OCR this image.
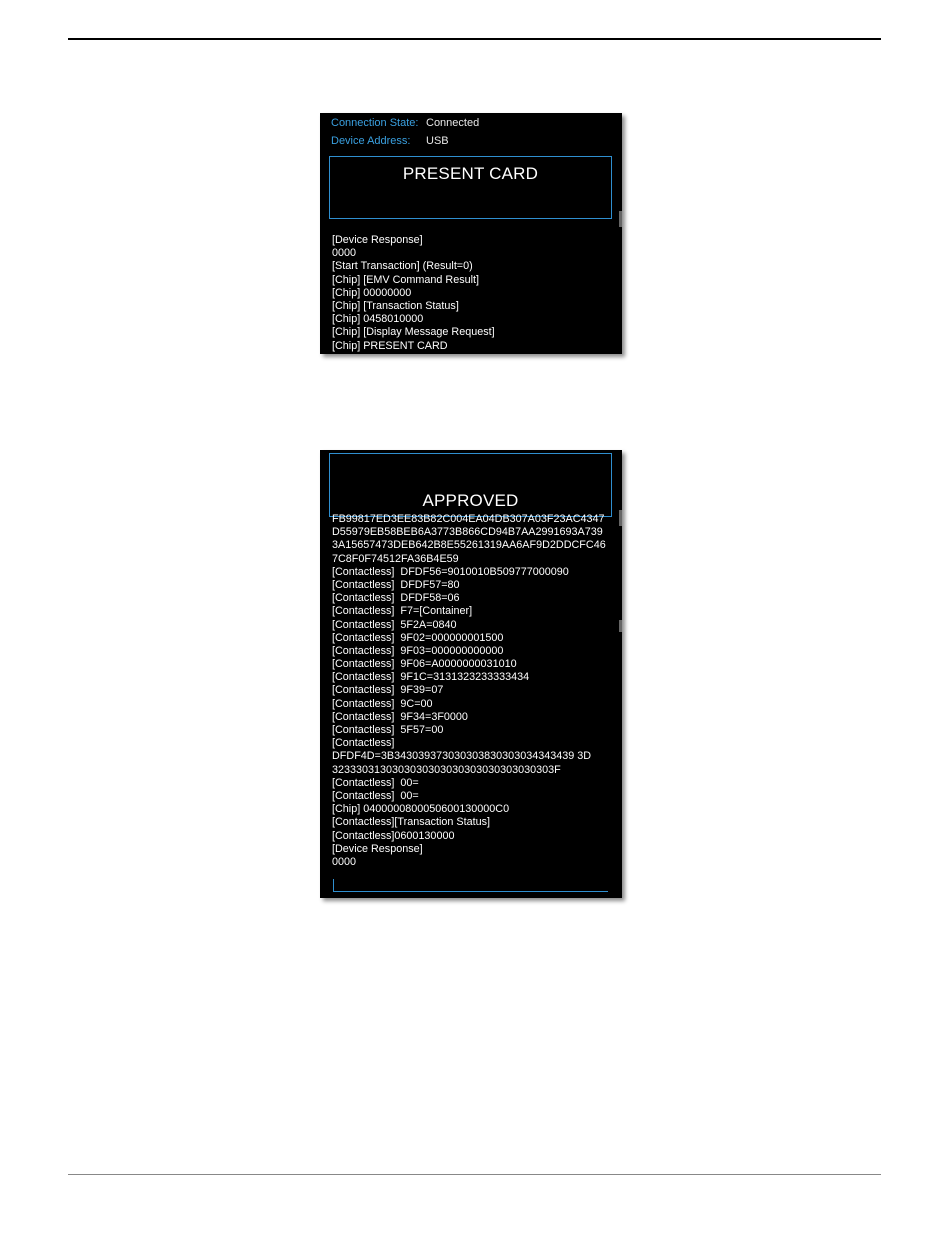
Connection State: Connected
Device Address: USB
PRESENT CARD
[Device Response]
0000
[Start Transaction] (Result=0)
[Chip] [EMV Command Result]
[Chip] 00000000
[Chip] [Transaction Status]
[Chip] 0458010000
[Chip] [Display Message Request]
[Chip] PRESENT CARD
APPROVED
FB99817ED3EE83B82C004EA04DB307A03F23AC4347
D55979EB58BEB6A3773B866CD94B7AA2991693A739
3A15657473DEB642B8E55261319AA6AF9D2DDCFC46
7C8F0F74512FA36B4E59
[Contactless]  DFDF56=9010010B509777000090
[Contactless]  DFDF57=80
[Contactless]  DFDF58=06
[Contactless]  F7=[Container]
[Contactless]  5F2A=0840
[Contactless]  9F02=000000001500
[Contactless]  9F03=000000000000
[Contactless]  9F06=A0000000031010
[Contactless]  9F1C=3131323233333434
[Contactless]  9F39=07
[Contactless]  9C=00
[Contactless]  9F34=3F0000
[Contactless]  5F57=00
[Contactless]
DFDF4D=3B343039373030303830303034343439 3D
3233303130303030303030303030303030303F
[Contactless]  00=
[Contactless]  00=
[Chip] 0400000800050600130000C0
[Contactless][Transaction Status]
[Contactless]0600130000
[Device Response]
0000
